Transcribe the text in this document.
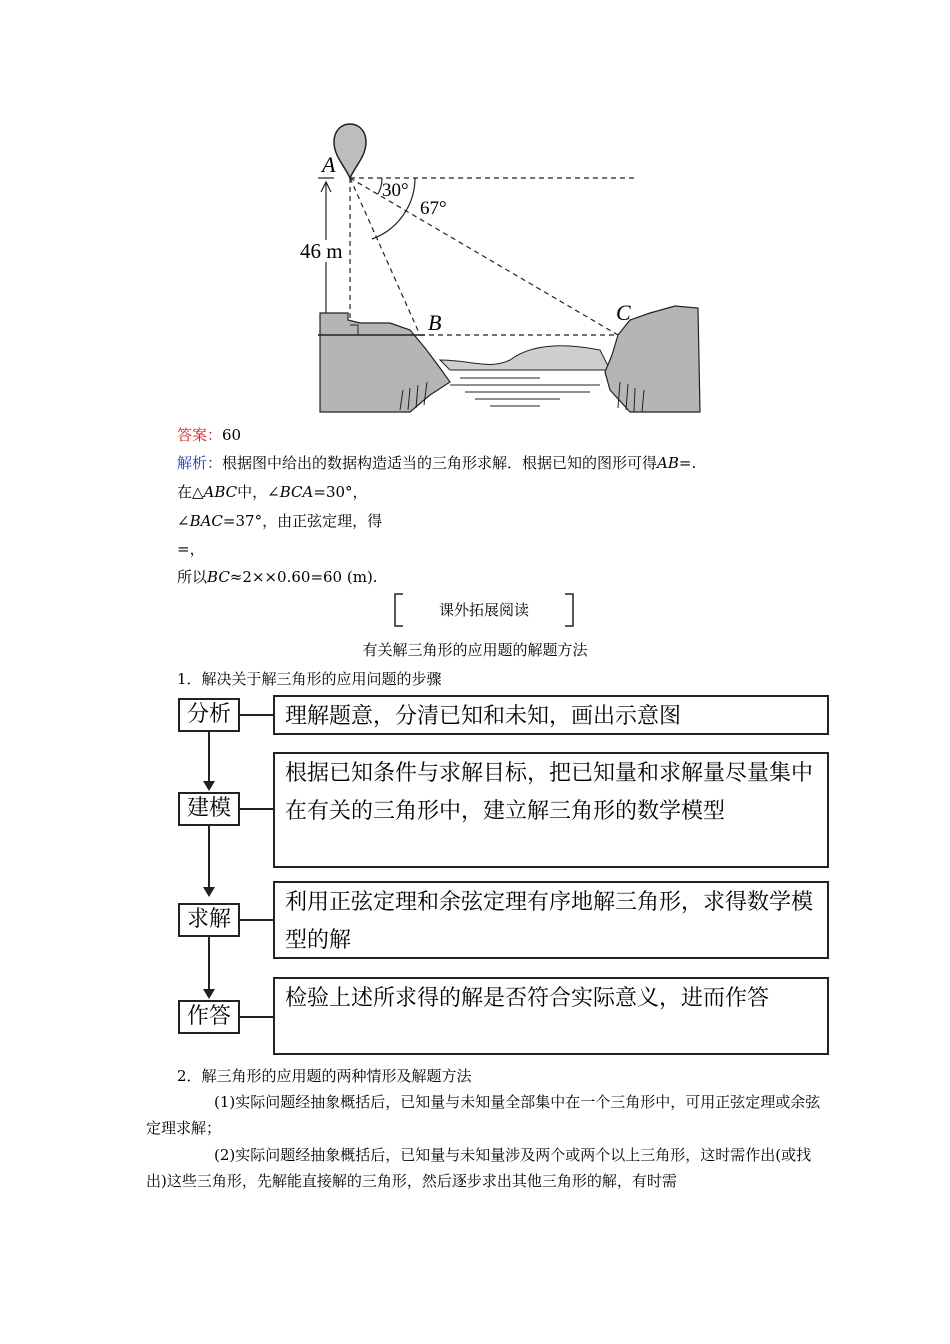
A
B	C
30°
67°
46 m
答案：60
解析：根据图中给出的数据构造适当的三角形求解．根据已知的图形可得AB=.
在△ABC中，∠BCA=30°，
∠BAC=37°，由正弦定理，得
=，
所以BC≈2××0.60=60 (m).
课外拓展阅读
有关解三角形的应用题的解题方法
1．解决关于解三角形的应用问题的步骤
分析	理解题意，分清已知和未知，画出示意图
建模
根据已知条件与求解目标，把已知量和求解量尽量集中在有关的三角形中，建立解三角形的数学模型
求解
利用正弦定理和余弦定理有序地解三角形，求得数学模型的解
作答
检验上述所求得的解是否符合实际意义，进而作答
2．解三角形的应用题的两种情形及解题方法
(1)实际问题经抽象概括后，已知量与未知量全部集中在一个三角形中，可用正弦定理或余弦定理求解；
(2)实际问题经抽象概括后，已知量与未知量涉及两个或两个以上三角形，这时需作出(或找出)这些三角形，先解能直接解的三角形，然后逐步求出其他三角形的解，有时需
